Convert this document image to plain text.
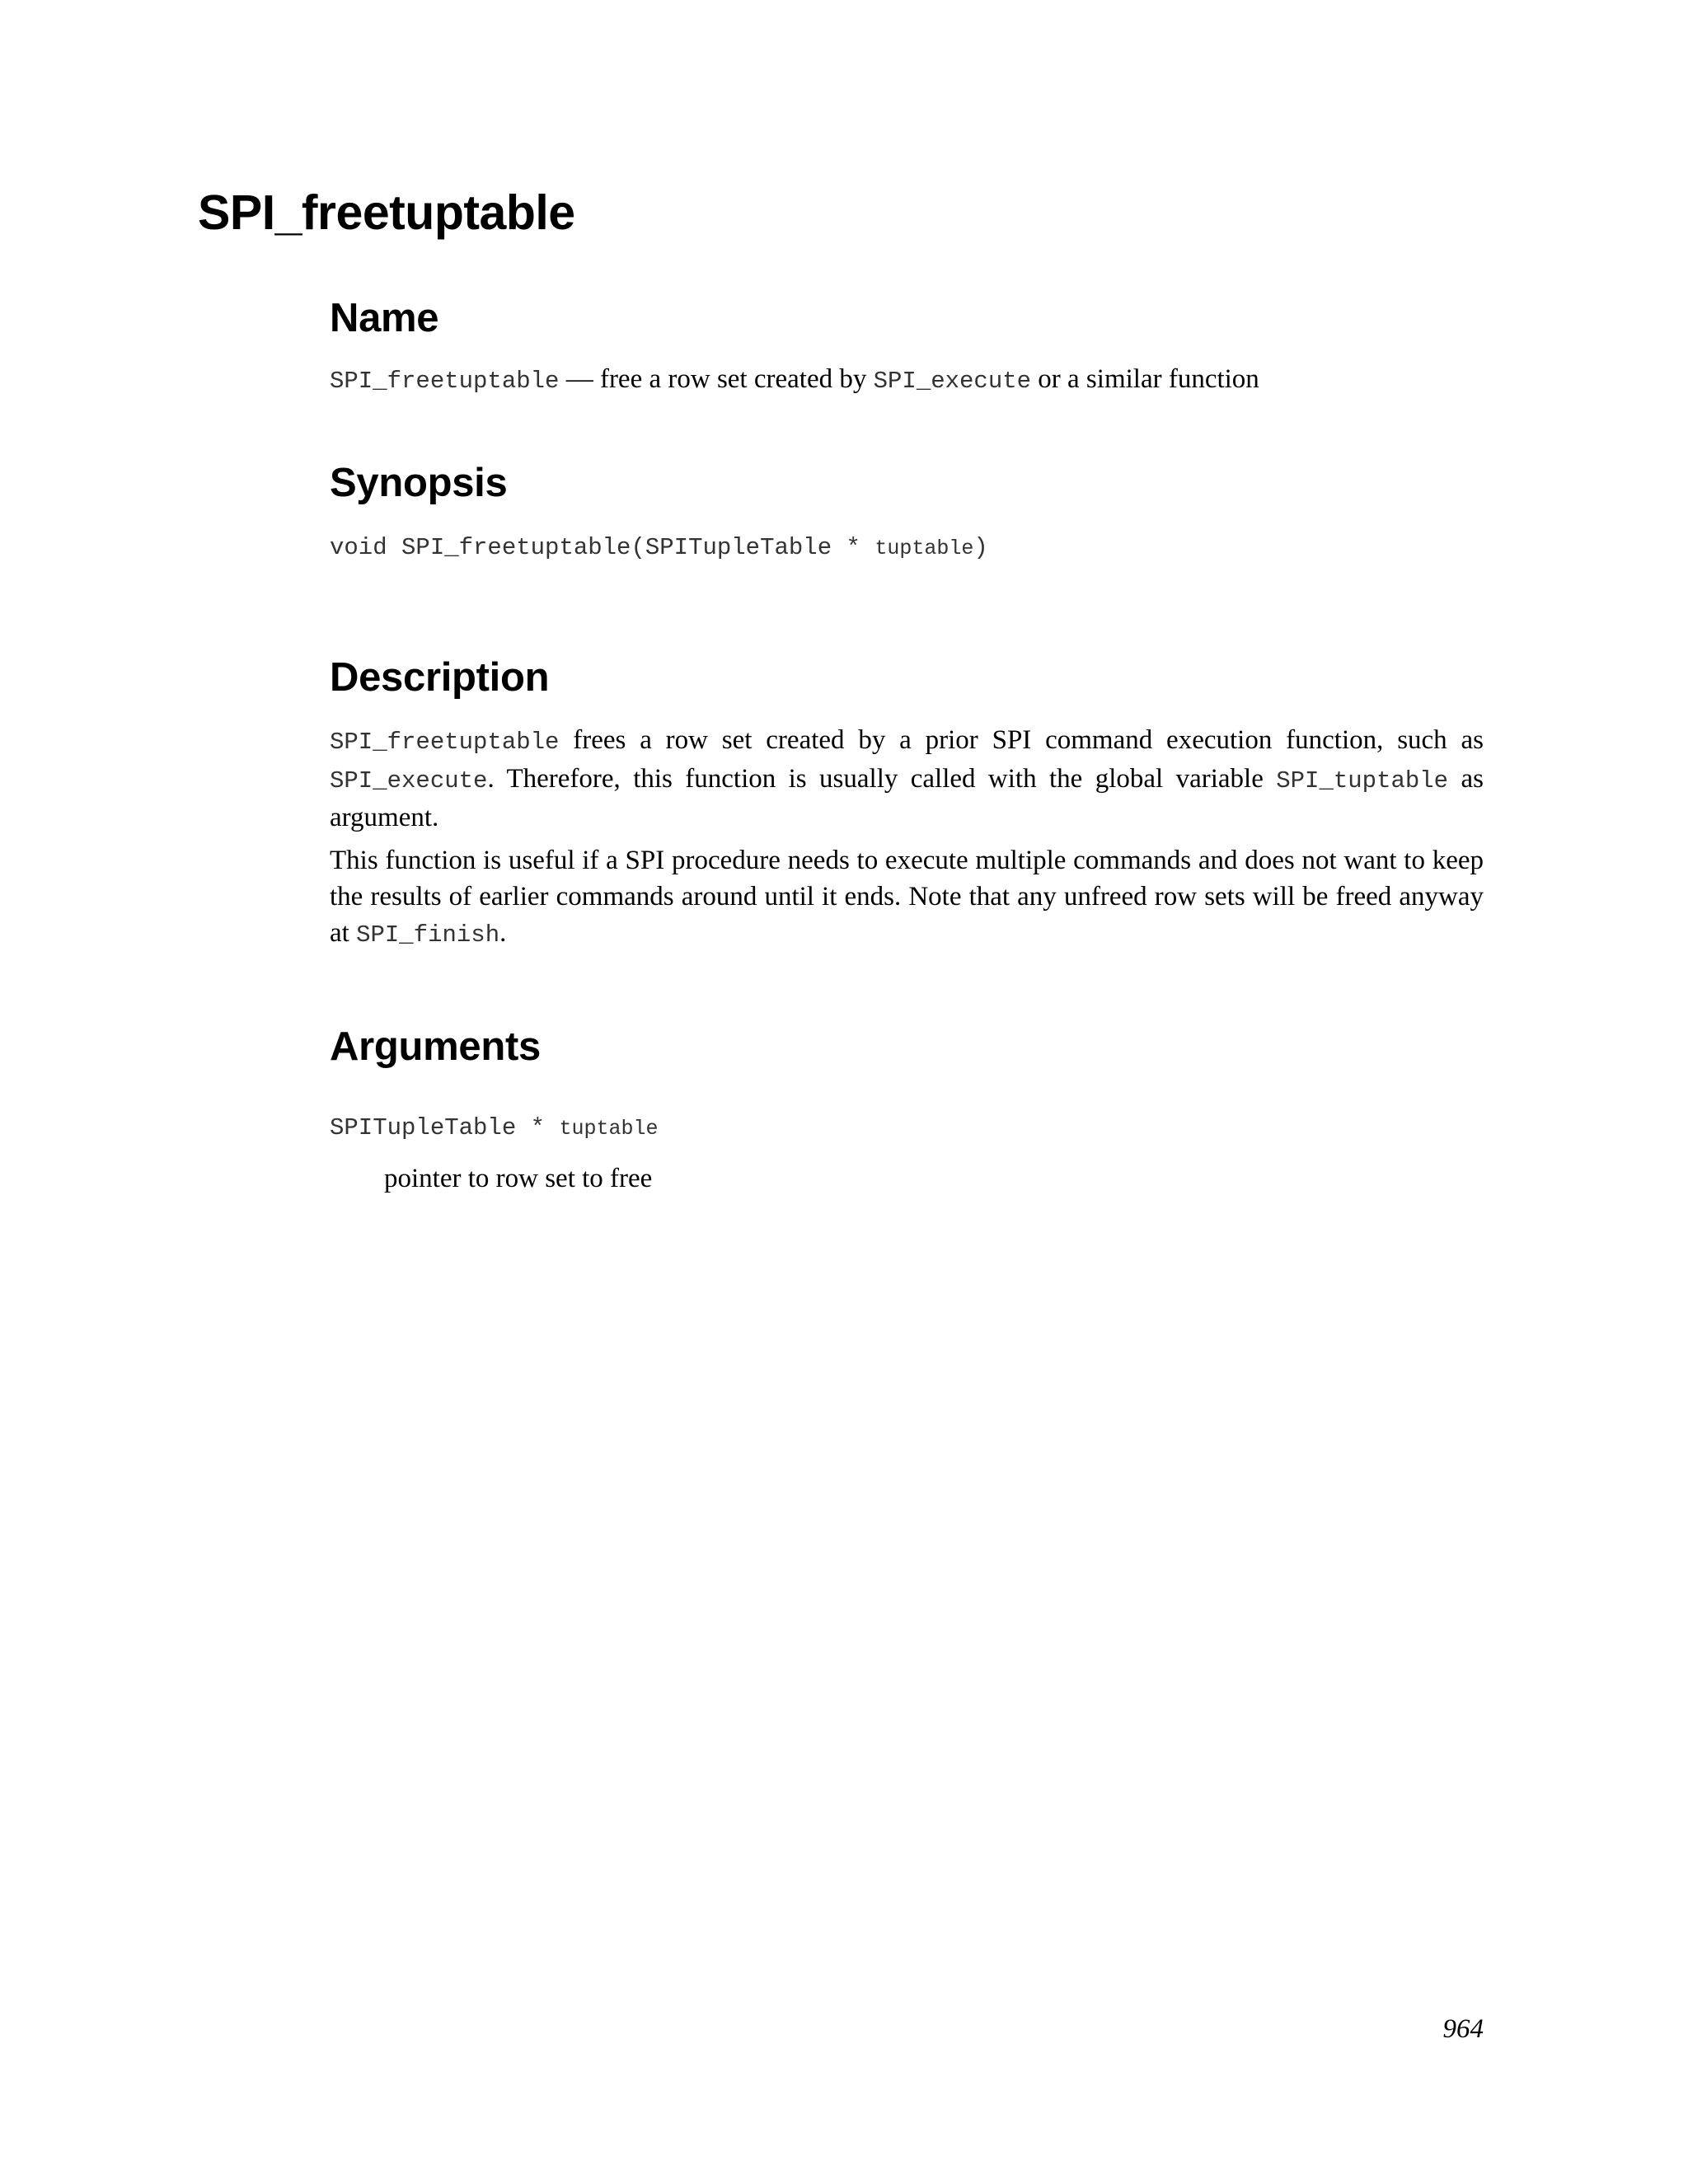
SPI_freetuptable
Name

SPI_freetuptable — free a row set created by SPI_execute or a similar function

Synopsis
void SPI_freetuptable(SPITupleTable * tuptable)
Description

SPI_freetuptable frees a row set created by a prior SPI command execution function, such as SPI_execute. Therefore, this function is usually called with the global variable SPI_tuptable as argument.

This function is useful if a SPI procedure needs to execute multiple commands and does not want to keep the results of earlier commands around until it ends. Note that any unfreed row sets will be freed anyway at SPI_finish.

Arguments
SPITupleTable * tuptable
pointer to row set to free
964
